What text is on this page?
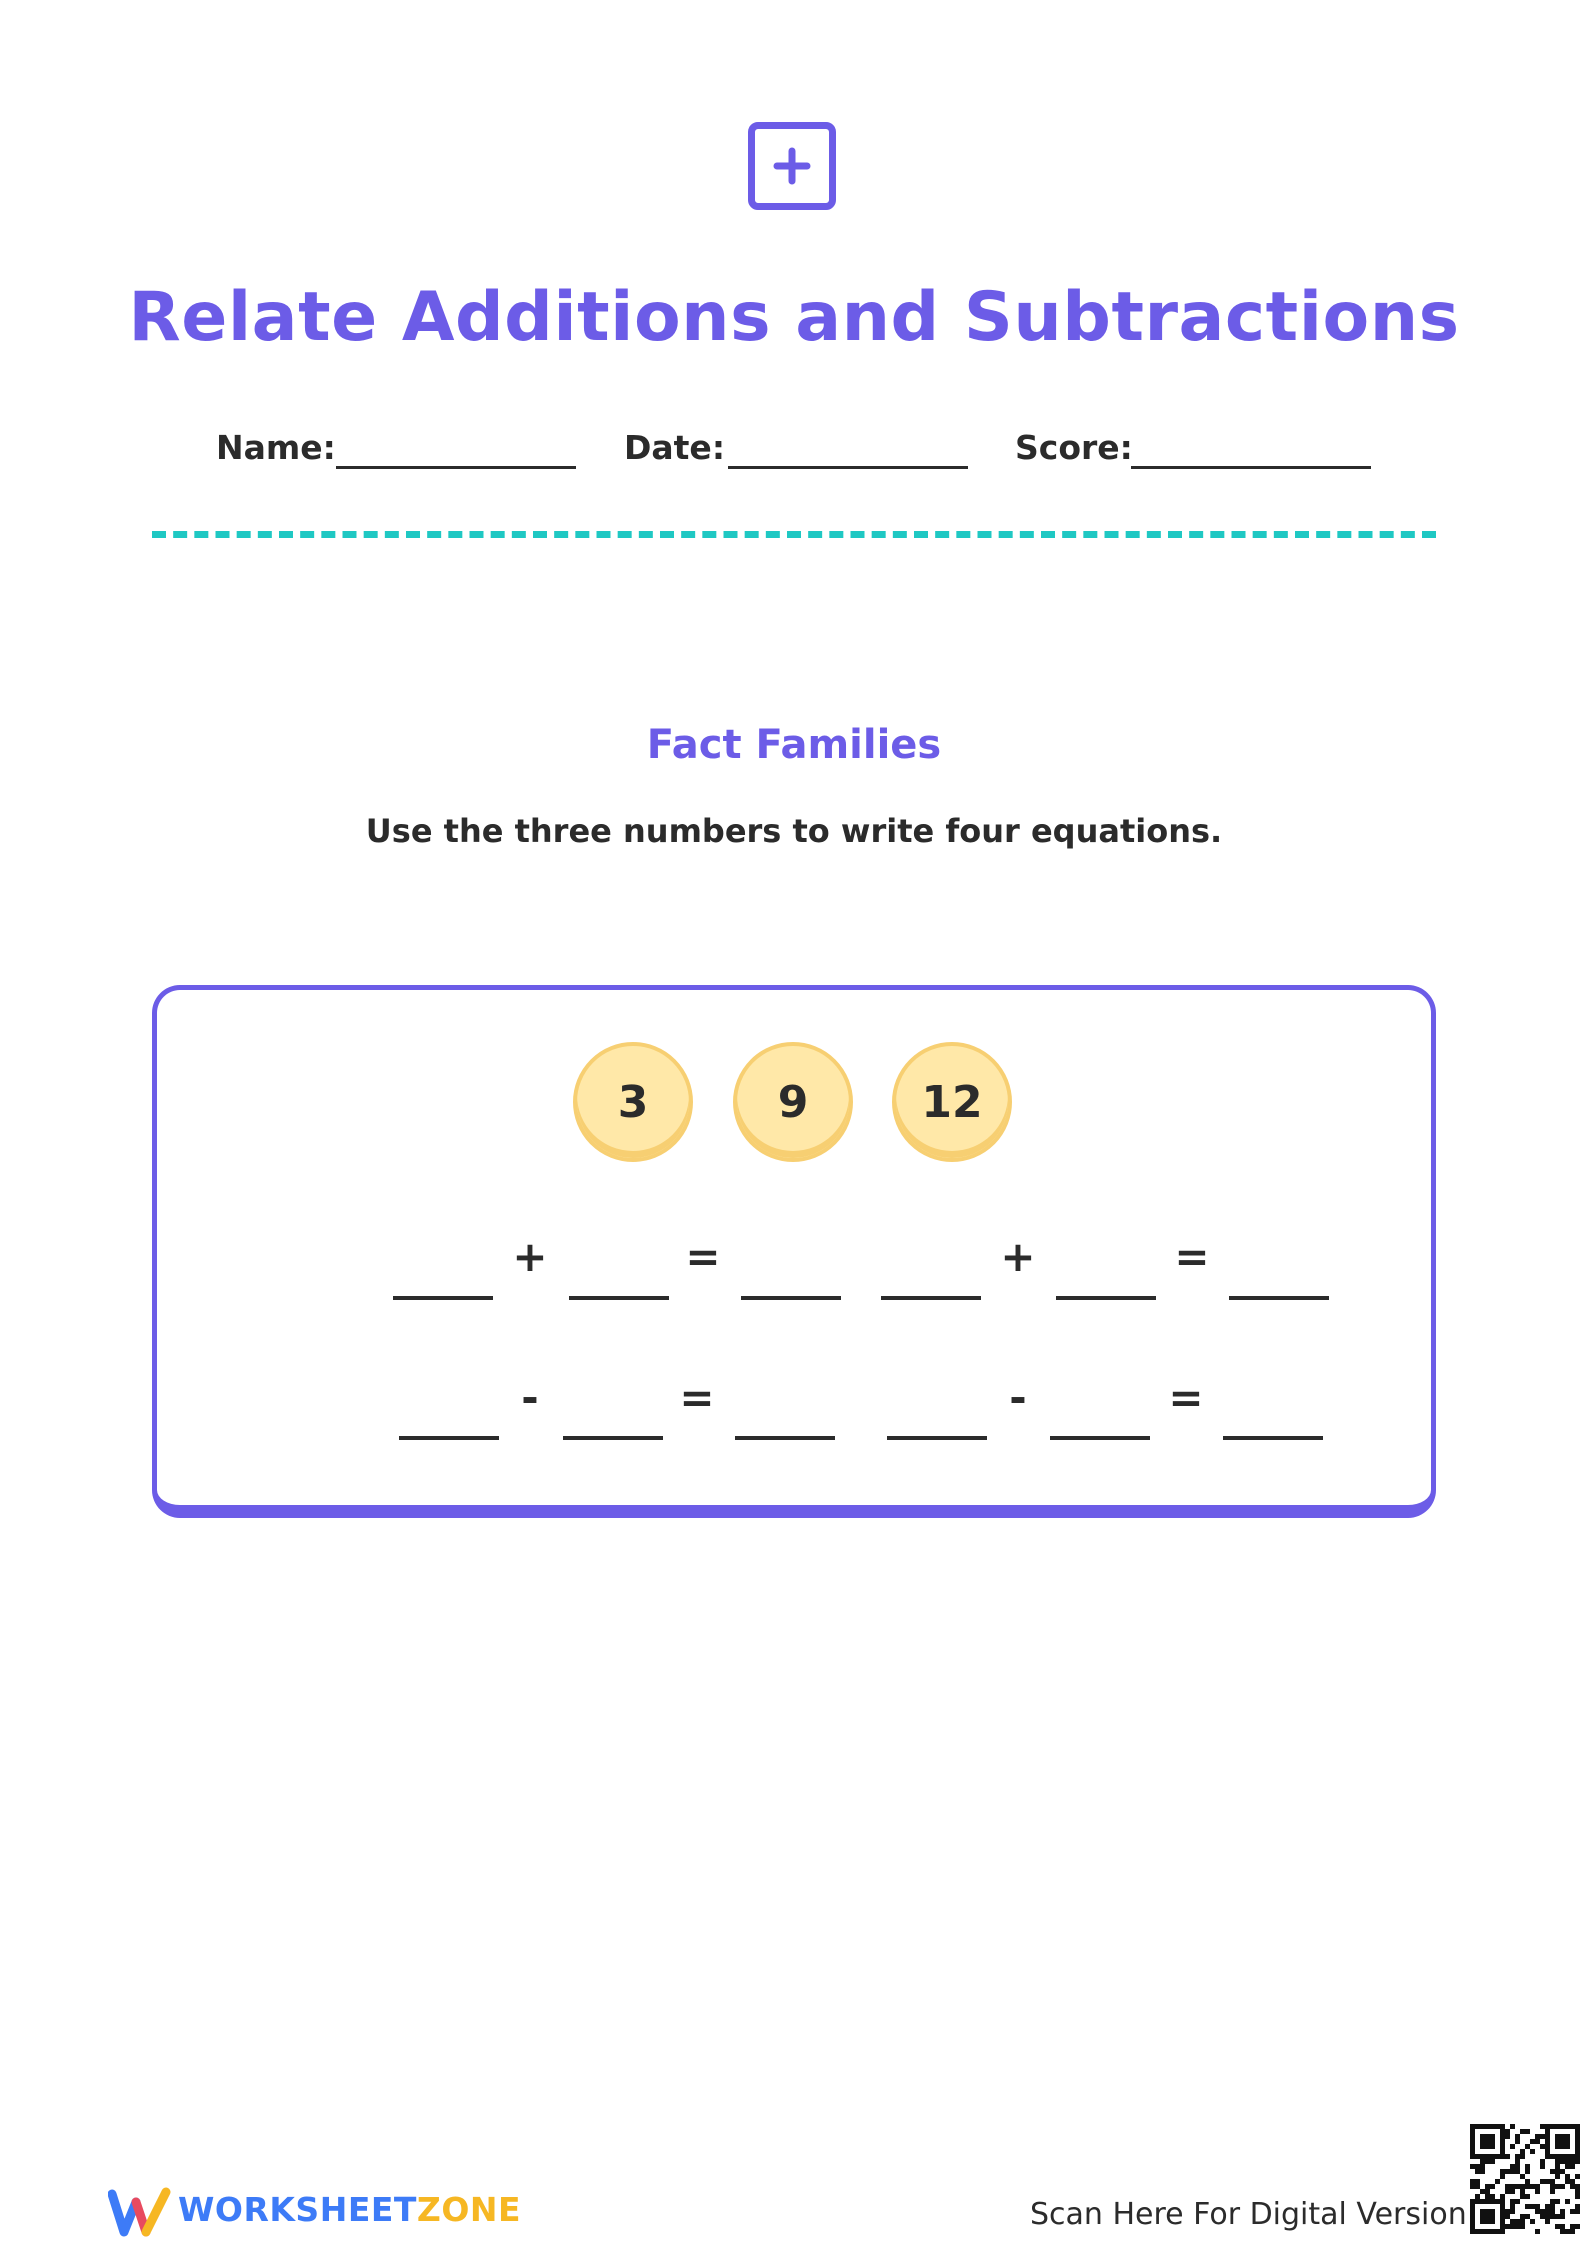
Relate Additions and Subtractions
Name:	Date:	Score:
Fact Families
Use the three numbers to write four equations.
3	9	12
+	=	+	=
-	=	-	=
WORKSHEETZONE	Scan Here For Digital Version
